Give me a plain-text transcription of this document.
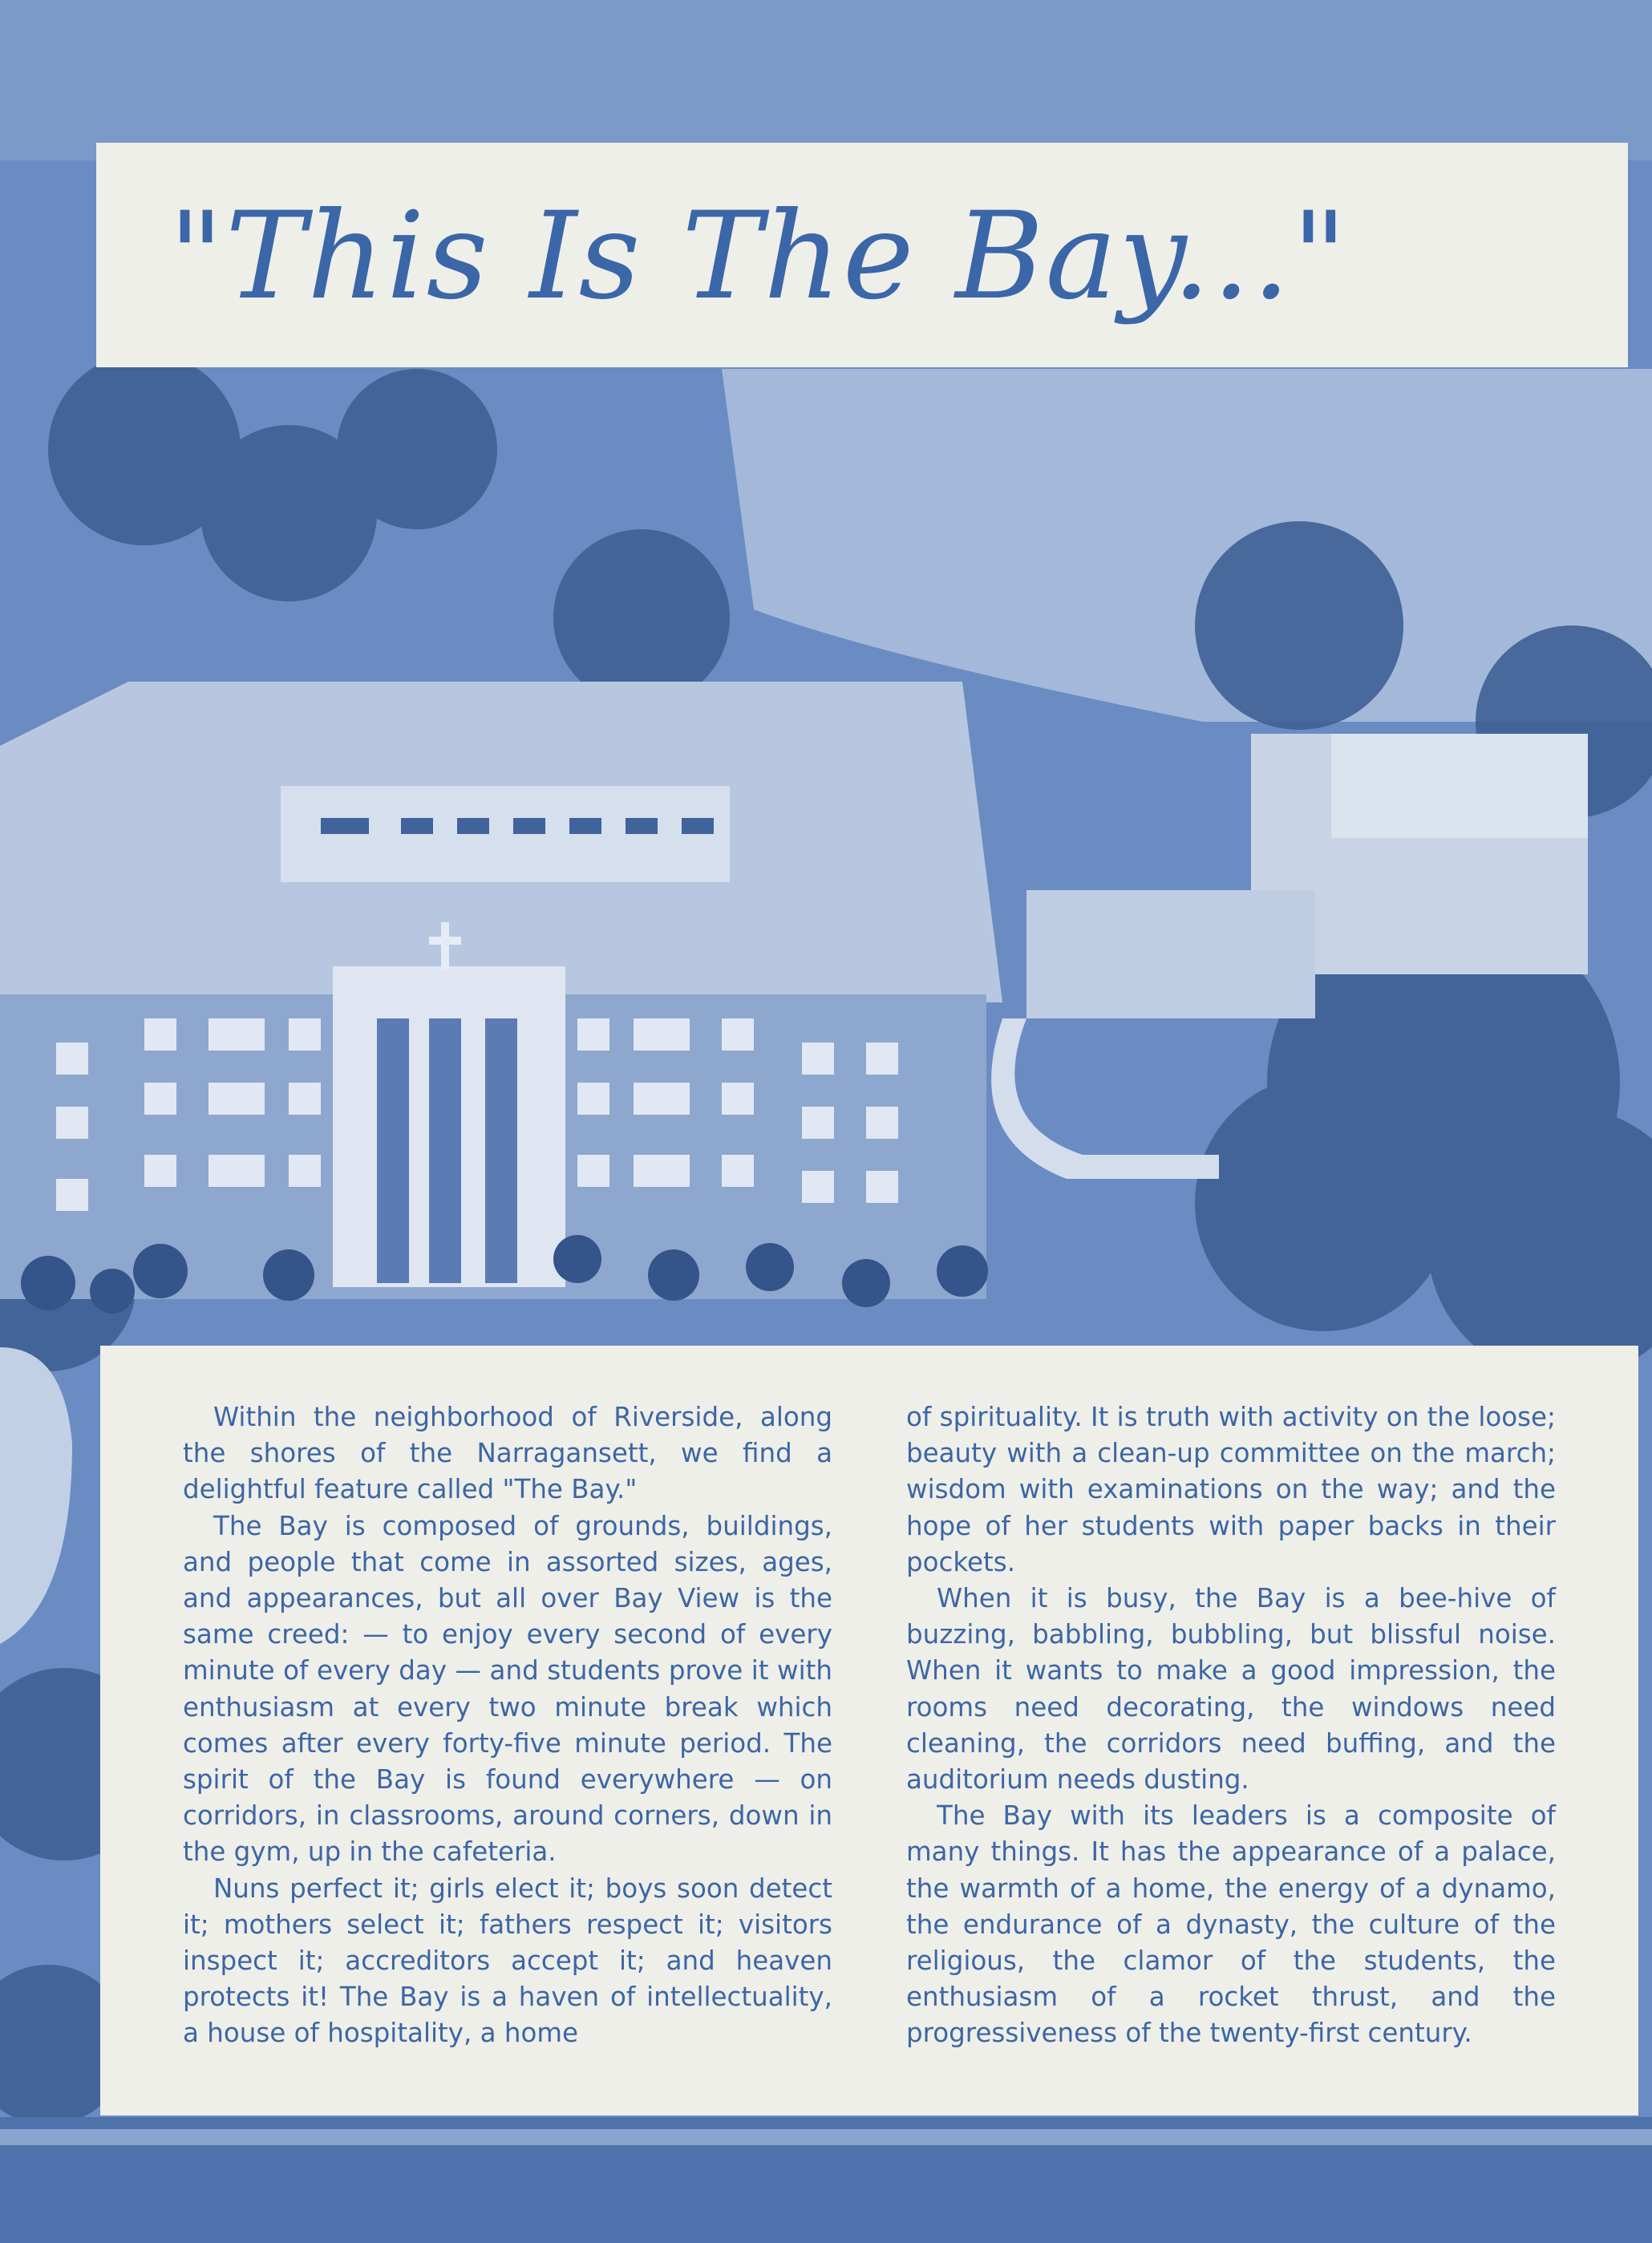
"This Is The Bay..."

Within the neighborhood of Riverside, along the shores of the Narragansett, we find a delightful feature called "The Bay."

The Bay is composed of grounds, buildings, and people that come in assorted sizes, ages, and appearances, but all over Bay View is the same creed: — to enjoy every second of every minute of every day — and students prove it with enthusiasm at every two minute break which comes after every forty-five minute period. The spirit of the Bay is found everywhere — on corridors, in classrooms, around corners, down in the gym, up in the cafeteria.

Nuns perfect it; girls elect it; boys soon detect it; mothers select it; fathers respect it; visitors inspect it; accreditors accept it; and heaven protects it! The Bay is a haven of intellectuality, a house of hospitality, a home

of spirituality. It is truth with activity on the loose; beauty with a clean-up committee on the march; wisdom with examinations on the way; and the hope of her students with paper backs in their pockets.

When it is busy, the Bay is a bee-hive of buzzing, babbling, bubbling, but blissful noise. When it wants to make a good impression, the rooms need decorating, the windows need cleaning, the corridors need buffing, and the auditorium needs dusting.

The Bay with its leaders is a composite of many things. It has the appearance of a palace, the warmth of a home, the energy of a dynamo, the endurance of a dynasty, the culture of the religious, the clamor of the students, the enthusiasm of a rocket thrust, and the progressiveness of the twenty-first century.
